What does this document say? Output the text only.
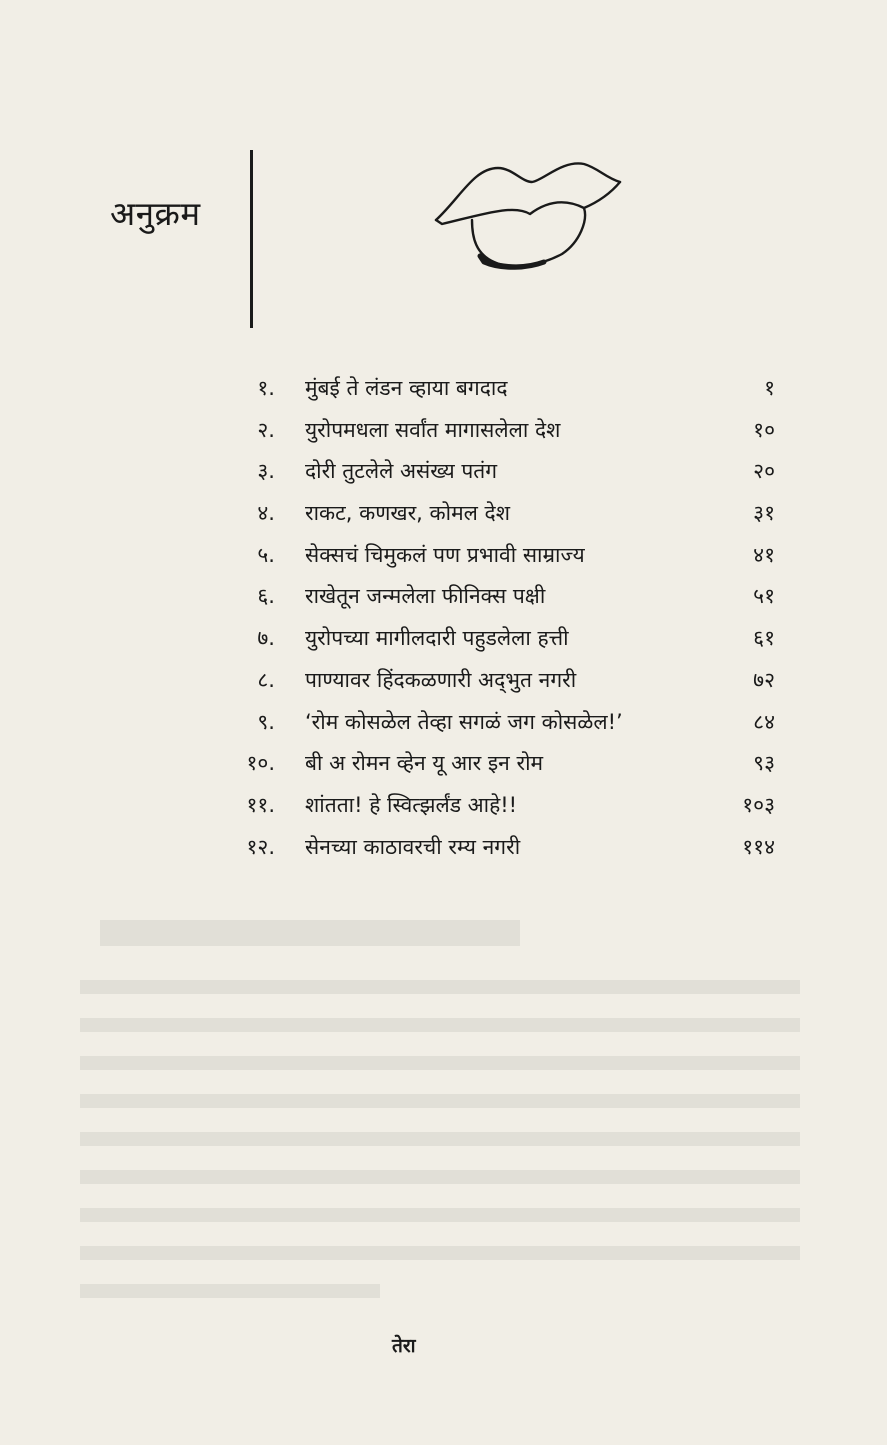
अनुक्रम
१. मुंबई ते लंडन व्हाया बगदाद	१
२. युरोपमधला सर्वांत मागासलेला देश	१०
३. दोरी तुटलेले असंख्य पतंग	२०
४. राकट, कणखर, कोमल देश	३१
५. सेक्सचं चिमुकलं पण प्रभावी साम्राज्य	४१
६. राखेतून जन्मलेला फीनिक्स पक्षी	५१
७. युरोपच्या मागीलदारी पहुडलेला हत्ती	६१
८. पाण्यावर हिंदकळणारी अद्‌भुत नगरी	७२
९. ‘रोम कोसळेल तेव्हा सगळं जग कोसळेल!’	८४
१०. बी अ रोमन व्हेन यू आर इन रोम	९३
११. शांतता! हे स्वित्झर्लंड आहे!!	१०३
१२. सेनच्या काठावरची रम्य नगरी	११४
तेरा
